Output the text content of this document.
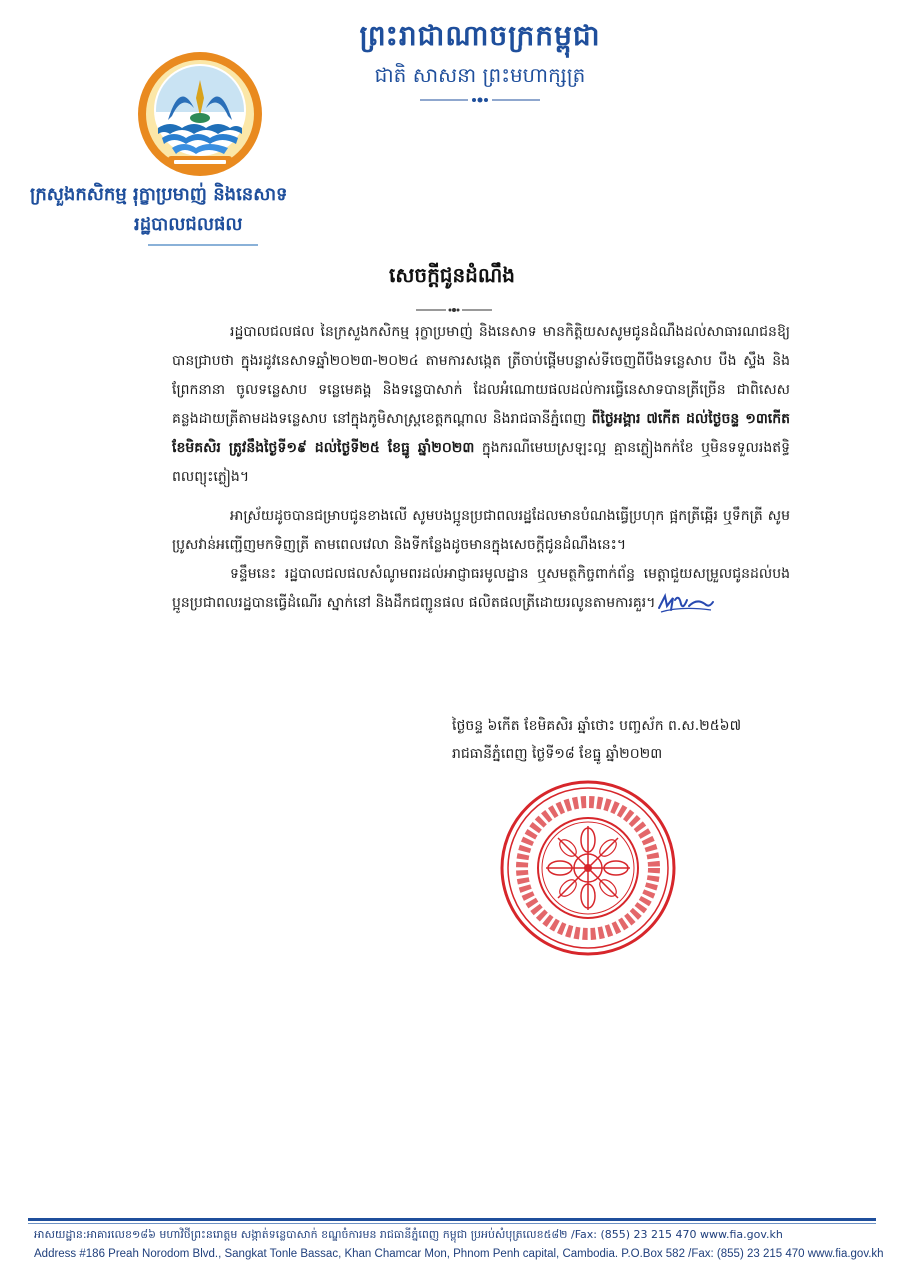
ព្រះរាជាណាចក្រកម្ពុជា
ជាតិ សាសនា ព្រះមហាក្សត្រ
ក្រសួងកសិកម្ម រុក្ខាប្រមាញ់ និងនេសាទ
រដ្ឋបាលជលផល
សេចក្ដីជូនដំណឹង

រដ្ឋបាលជលផល នៃក្រសួងកសិកម្ម រុក្ខាប្រមាញ់ និងនេសាទ មានកិត្តិយសសូមជូនដំណឹងដល់សាធារណជនឱ្យបានជ្រាបថា ក្នុងរដូវនេសាទឆ្នាំ២០២៣-២០២៤ តាមការសង្កេត ត្រីចាប់ផ្ដើមបន្លាស់ទីចេញពីបឹងទន្លេសាប បឹង ស្ទឹង និងព្រែកនានា ចូលទន្លេសាប ទន្លេមេគង្គ និងទន្លេបាសាក់ ដែលអំណោយផលដល់ការធ្វើនេសាទបានត្រីច្រើន ជាពិសេសគន្លងដាយត្រីតាមដងទន្លេសាប នៅក្នុងភូមិសាស្ត្រខេត្តកណ្ដាល និងរាជធានីភ្នំពេញ ពីថ្ងៃអង្គារ ៧កើត ដល់ថ្ងៃចន្ទ ១៣កើត ខែមិគសិរ ត្រូវនឹងថ្ងៃទី១៩ ដល់ថ្ងៃទី២៥ ខែធ្នូ ឆ្នាំ២០២៣ ក្នុងករណីមេឃស្រឡះល្អ គ្មានភ្លៀងកក់ខែ ឬមិនទទួលរងឥទ្ធិពលព្យុះភ្លៀង។

អាស្រ័យដូចបានជម្រាបជូនខាងលើ សូមបងប្អូនប្រជាពលរដ្ឋដែលមានបំណងធ្វើប្រហុក ផ្អកត្រីឆ្អើរ ឬទឹកត្រី សូមប្រូសវាន់អញ្ជើញមកទិញត្រី តាមពេលវេលា និងទីកន្លែងដូចមានក្នុងសេចក្ដីជូនដំណឹងនេះ។

ទន្ទឹមនេះ រដ្ឋបាលជលផលសំណូមពរដល់អាជ្ញាធរមូលដ្ឋាន ឬសមត្ថកិច្ចពាក់ព័ន្ធ មេត្តាជួយសម្រួលជូនដល់បងប្អូនប្រជាពលរដ្ឋបានធ្វើដំណើរ ស្នាក់នៅ និងដឹកជញ្ជូនផល ផលិតផលត្រីដោយរលូនតាមការគួរ។

ថ្ងៃចន្ទ ៦កើត ខែមិគសិរ ឆ្នាំថោះ បញ្ចស័ក ព.ស.២៥៦៧
រាជធានីភ្នំពេញ ថ្ងៃទី១៨ ខែធ្នូ ឆ្នាំ២០២៣
អាសយដ្ឋាន:អាគារលេខ១៨៦ មហាវិថីព្រះនរោត្តម សង្កាត់ទន្លេបាសាក់ ខណ្ឌចំការមន រាជធានីភ្នំពេញ កម្ពុជា ប្រអប់សំបុត្រលេខ៥៨២ /Fax: (855) 23 215 470 www.fia.gov.kh
Address #186 Preah Norodom Blvd., Sangkat Tonle Bassac, Khan Chamcar Mon, Phnom Penh capital, Cambodia. P.O.Box 582 /Fax: (855) 23 215 470 www.fia.gov.kh
